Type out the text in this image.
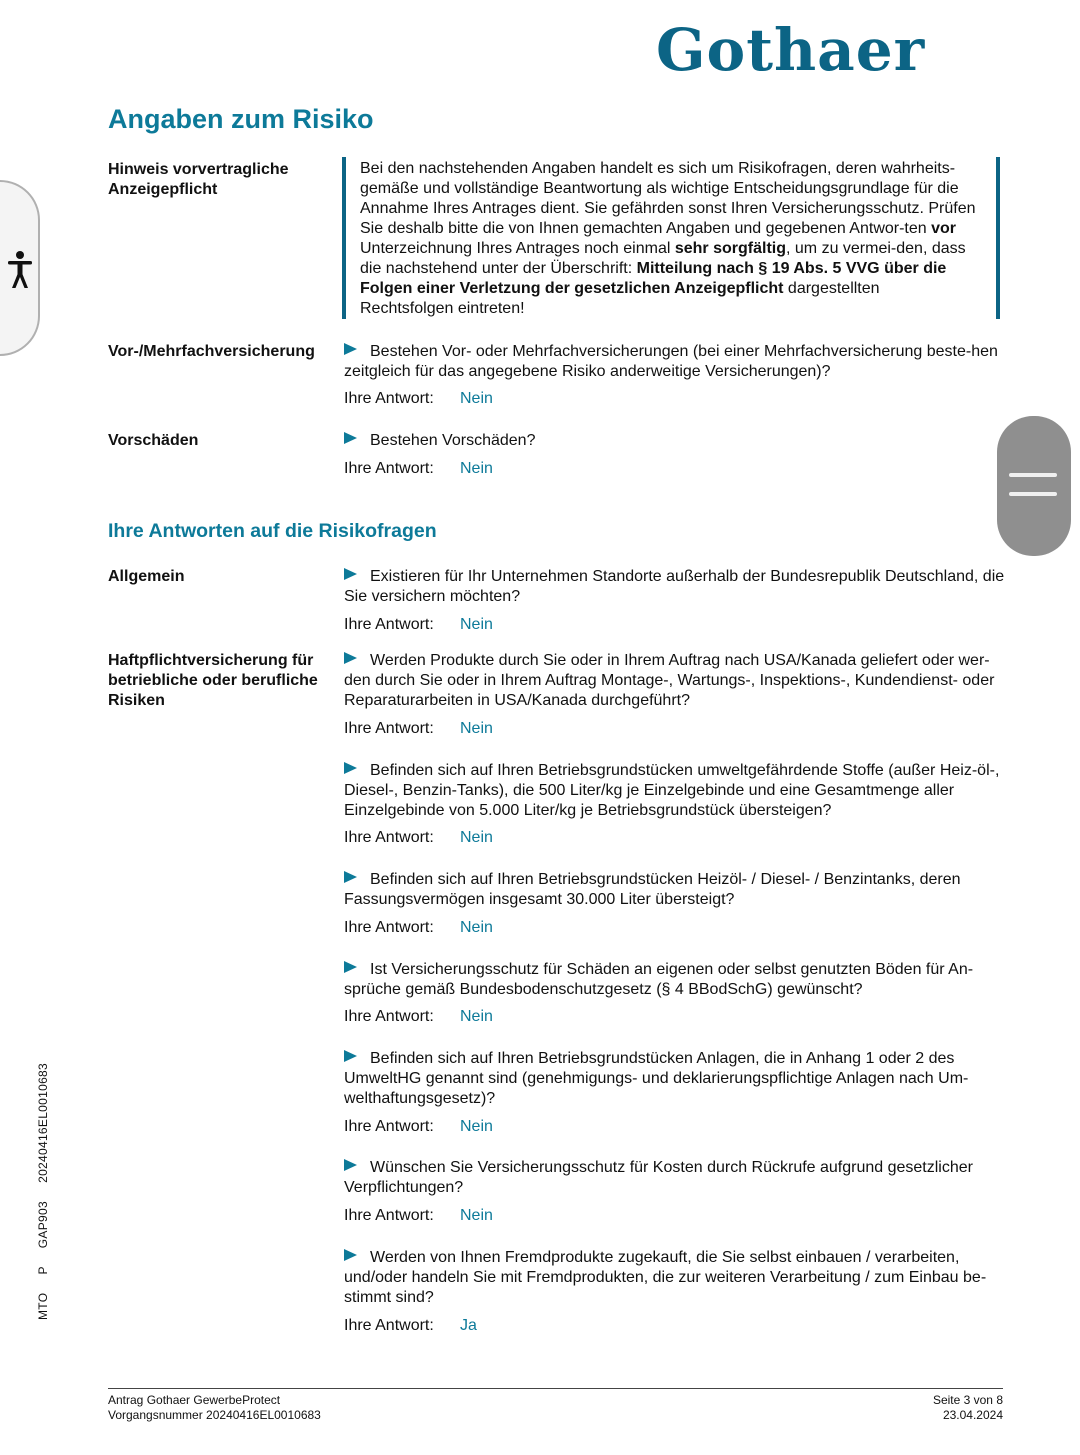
Gothaer
Angaben zum Risiko
Hinweis vorvertragliche Anzeigepflicht
Bei den nachstehenden Angaben handelt es sich um Risikofragen, deren wahrheits-gemäße und vollständige Beantwortung als wichtige Entscheidungsgrundlage für die Annahme Ihres Antrages dient. Sie gefährden sonst Ihren Versicherungsschutz. Prüfen Sie deshalb bitte die von Ihnen gemachten Angaben und gegebenen Antwor-ten vor Unterzeichnung Ihres Antrages noch einmal sehr sorgfältig, um zu vermei-den, dass die nachstehend unter der Überschrift: Mitteilung nach § 19 Abs. 5 VVG über die Folgen einer Verletzung der gesetzlichen Anzeigepflicht dargestellten Rechtsfolgen eintreten!
Vor-/Mehrfachversicherung	Bestehen Vor- oder Mehrfachversicherungen (bei einer Mehrfachversicherung beste-hen zeitgleich für das angegebene Risiko anderweitige Versicherungen)?
Ihre Antwort: Nein
Vorschäden	Bestehen Vorschäden?
Ihre Antwort: Nein
Ihre Antworten auf die Risikofragen
Allgemein	Existieren für Ihr Unternehmen Standorte außerhalb der Bundesrepublik Deutschland, die Sie versichern möchten?
Ihre Antwort: Nein
Haftpflichtversicherung für betriebliche oder berufliche Risiken
Werden Produkte durch Sie oder in Ihrem Auftrag nach USA/Kanada geliefert oder wer-den durch Sie oder in Ihrem Auftrag Montage-, Wartungs-, Inspektions-, Kundendienst- oder Reparaturarbeiten in USA/Kanada durchgeführt?
Ihre Antwort: Nein
Befinden sich auf Ihren Betriebsgrundstücken umweltgefährdende Stoffe (außer Heiz-öl-, Diesel-, Benzin-Tanks), die 500 Liter/kg je Einzelgebinde und eine Gesamtmenge aller Einzelgebinde von 5.000 Liter/kg je Betriebsgrundstück übersteigen?
Ihre Antwort: Nein
Befinden sich auf Ihren Betriebsgrundstücken Heizöl- / Diesel- / Benzintanks, deren Fassungsvermögen insgesamt 30.000 Liter übersteigt?
Ihre Antwort: Nein
Ist Versicherungsschutz für Schäden an eigenen oder selbst genutzten Böden für An-sprüche gemäß Bundesbodenschutzgesetz (§ 4 BBodSchG) gewünscht?
Ihre Antwort: Nein
Befinden sich auf Ihren Betriebsgrundstücken Anlagen, die in Anhang 1 oder 2 des UmweltHG genannt sind (genehmigungs- und deklarierungspflichtige Anlagen nach Um-welthaftungsgesetz)?
Ihre Antwort: Nein
Wünschen Sie Versicherungsschutz für Kosten durch Rückrufe aufgrund gesetzlicher Verpflichtungen?
Ihre Antwort: Nein
Werden von Ihnen Fremdprodukte zugekauft, die Sie selbst einbauen / verarbeiten, und/oder handeln Sie mit Fremdprodukten, die zur weiteren Verarbeitung / zum Einbau be-stimmt sind?
Ihre Antwort: Ja
MTO     P     GAP903     20240416EL0010683
Antrag Gothaer GewerbeProtect
Vorgangsnummer 20240416EL0010683
Seite 3 von 8
23.04.2024
